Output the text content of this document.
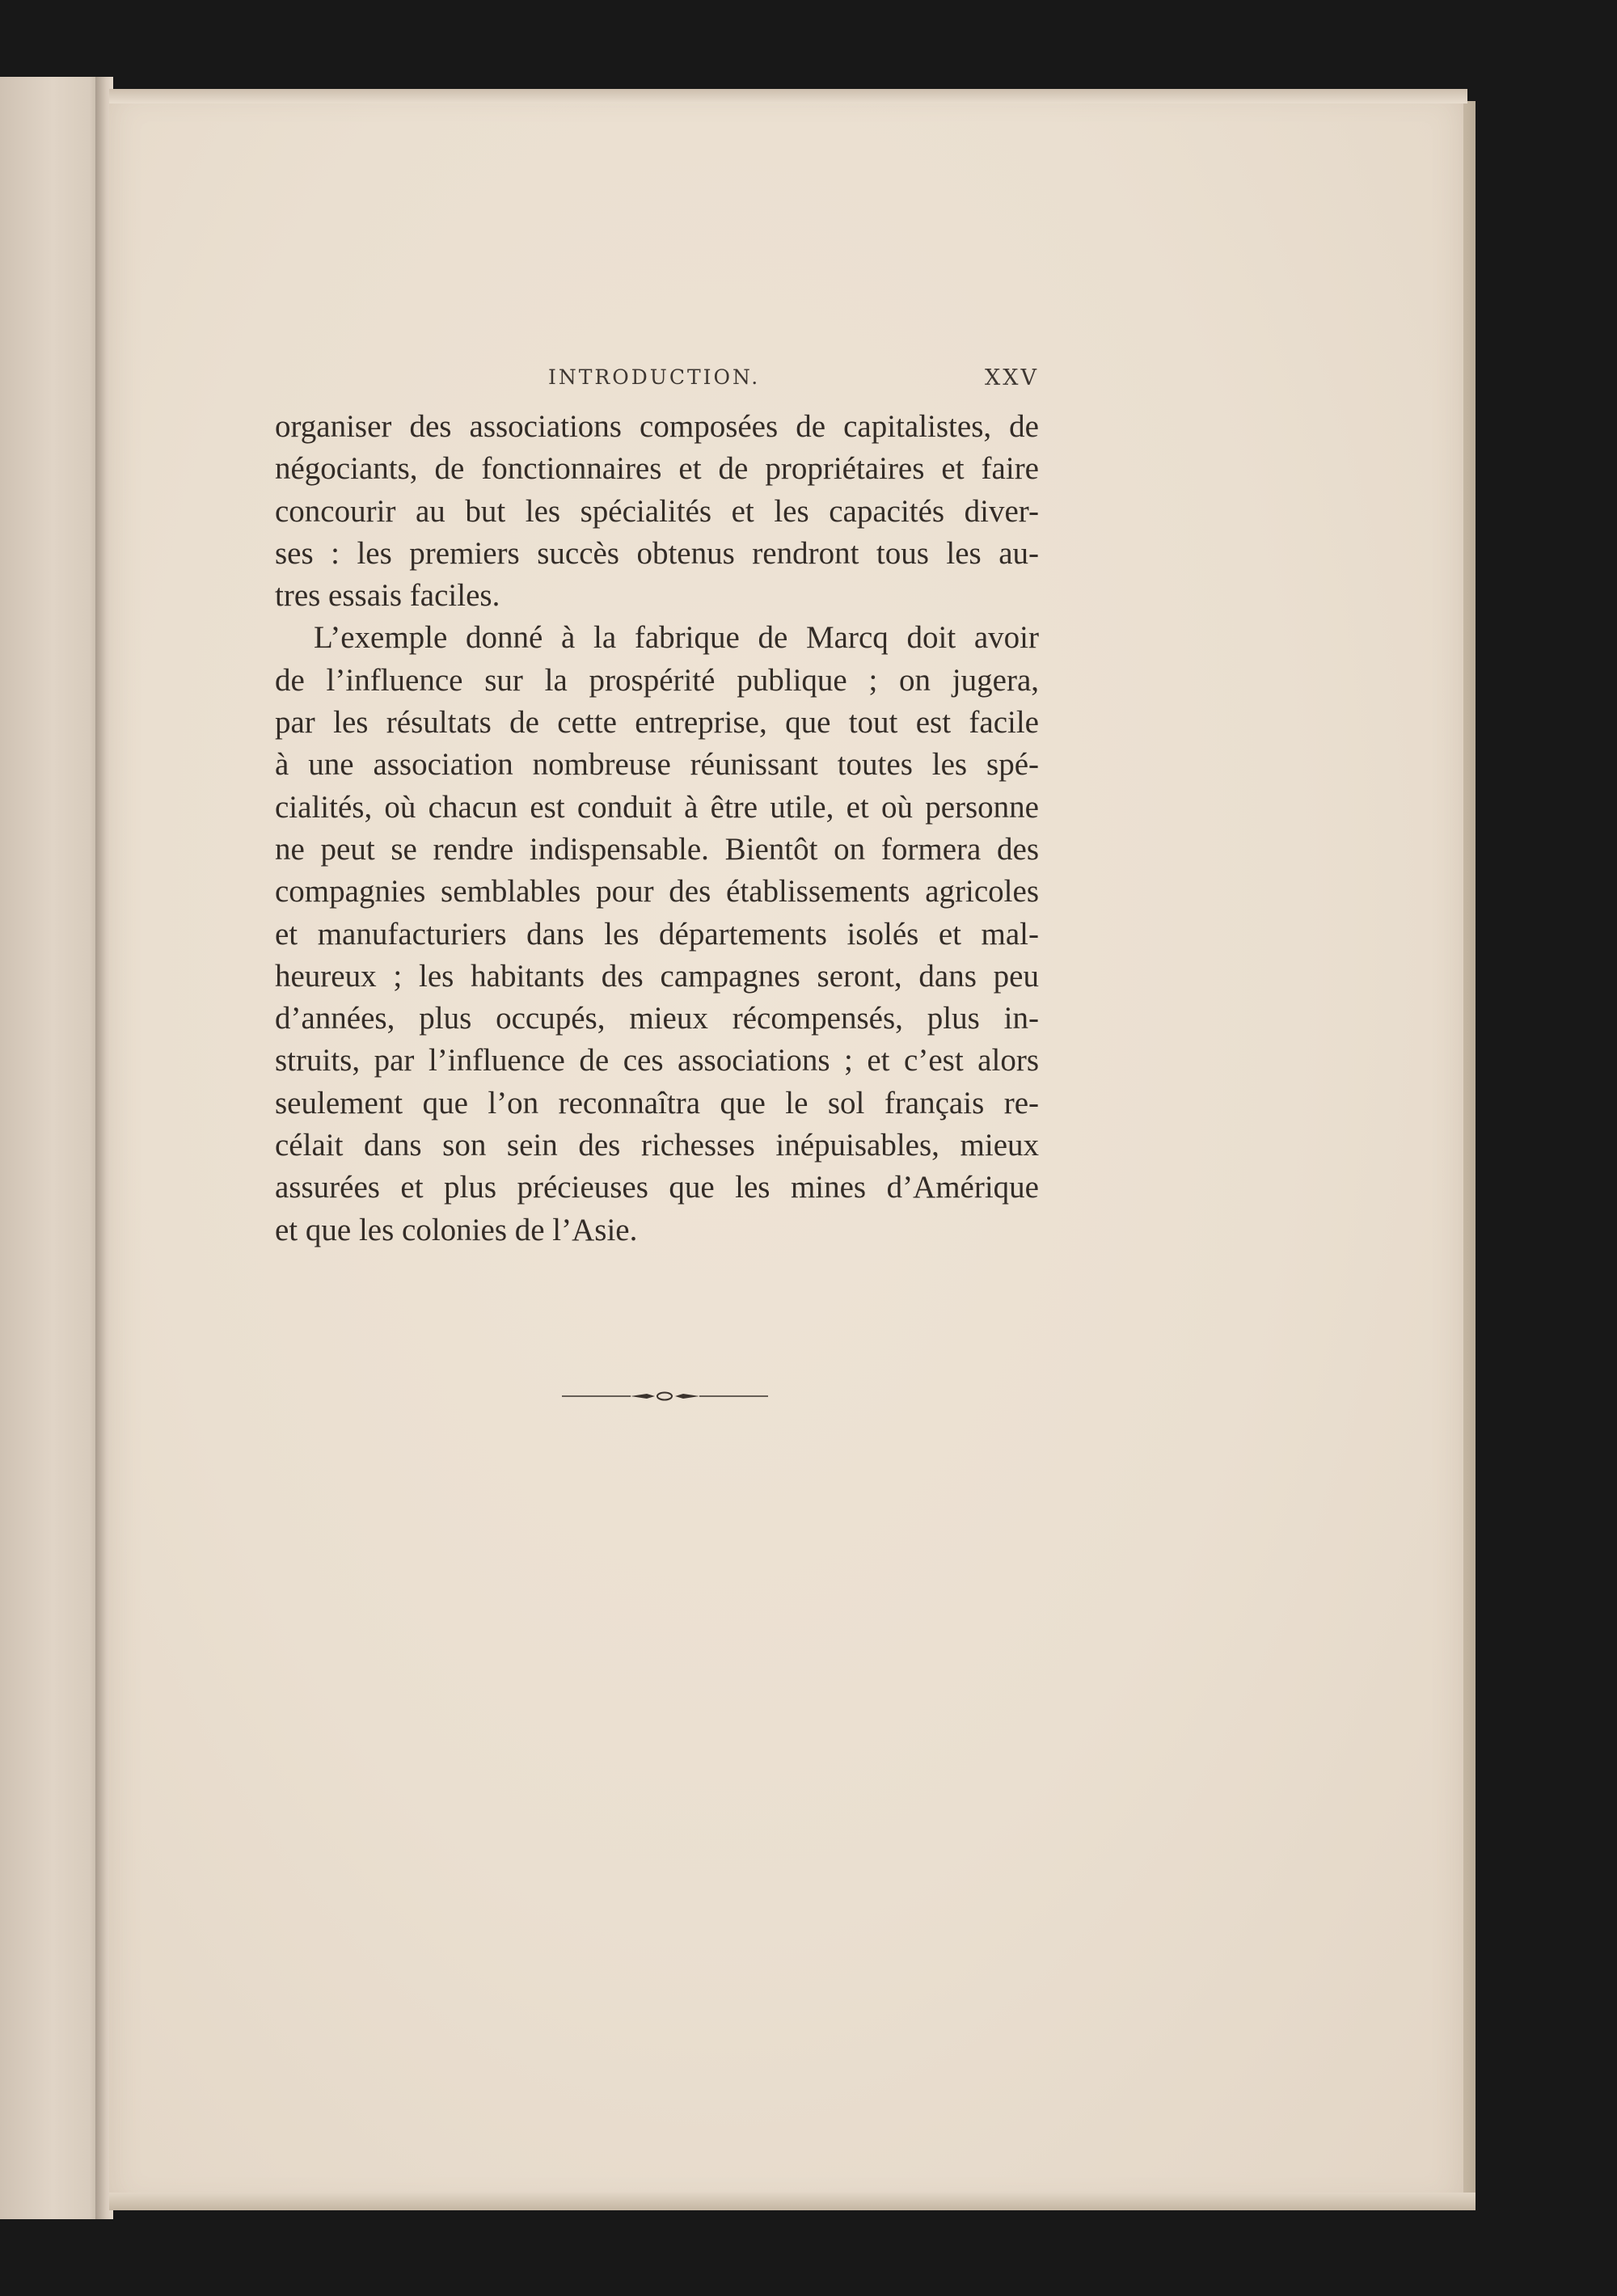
INTRODUCTION.	XXV
organiser des associations composées de capitalistes, de
négociants, de fonctionnaires et de propriétaires et faire
concourir au but les spécialités et les capacités diver-
ses : les premiers succès obtenus rendront tous les au-
tres essais faciles.
L’exemple donné à la fabrique de Marcq doit avoir
de l’influence sur la prospérité publique ; on jugera,
par les résultats de cette entreprise, que tout est facile
à une association nombreuse réunissant toutes les spé-
cialités, où chacun est conduit à être utile, et où personne
ne peut se rendre indispensable. Bientôt on formera des
compagnies semblables pour des établissements agricoles
et manufacturiers dans les départements isolés et mal-
heureux ; les habitants des campagnes seront, dans peu
d’années, plus occupés, mieux récompensés, plus in-
struits, par l’influence de ces associations ; et c’est alors
seulement que l’on reconnaîtra que le sol français re-
célait dans son sein des richesses inépuisables, mieux
assurées et plus précieuses que les mines d’Amérique
et que les colonies de l’Asie.
